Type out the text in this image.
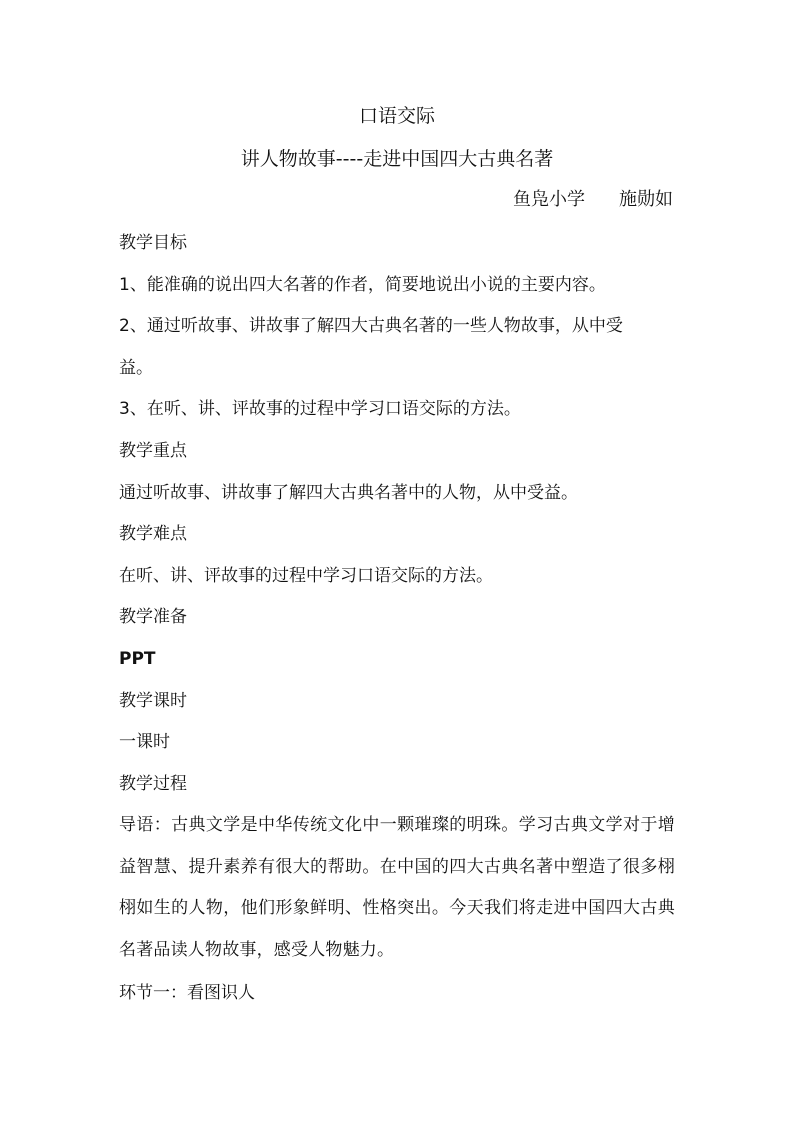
口语交际
讲人物故事----走进中国四大古典名著
鱼凫小学 施勋如
教学目标
1、能准确的说出四大名著的作者，简要地说出小说的主要内容。
2、通过听故事、讲故事了解四大古典名著的一些人物故事，从中受
益。
3、在听、讲、评故事的过程中学习口语交际的方法。
教学重点
通过听故事、讲故事了解四大古典名著中的人物，从中受益。
教学难点
在听、讲、评故事的过程中学习口语交际的方法。
教学准备
PPT
教学课时
一课时
教学过程
导语：古典文学是中华传统文化中一颗璀璨的明珠。学习古典文学对于增益智慧、提升素养有很大的帮助。在中国的四大古典名著中塑造了很多栩栩如生的人物，他们形象鲜明、性格突出。今天我们将走进中国四大古典名著品读人物故事，感受人物魅力。
环节一：看图识人
